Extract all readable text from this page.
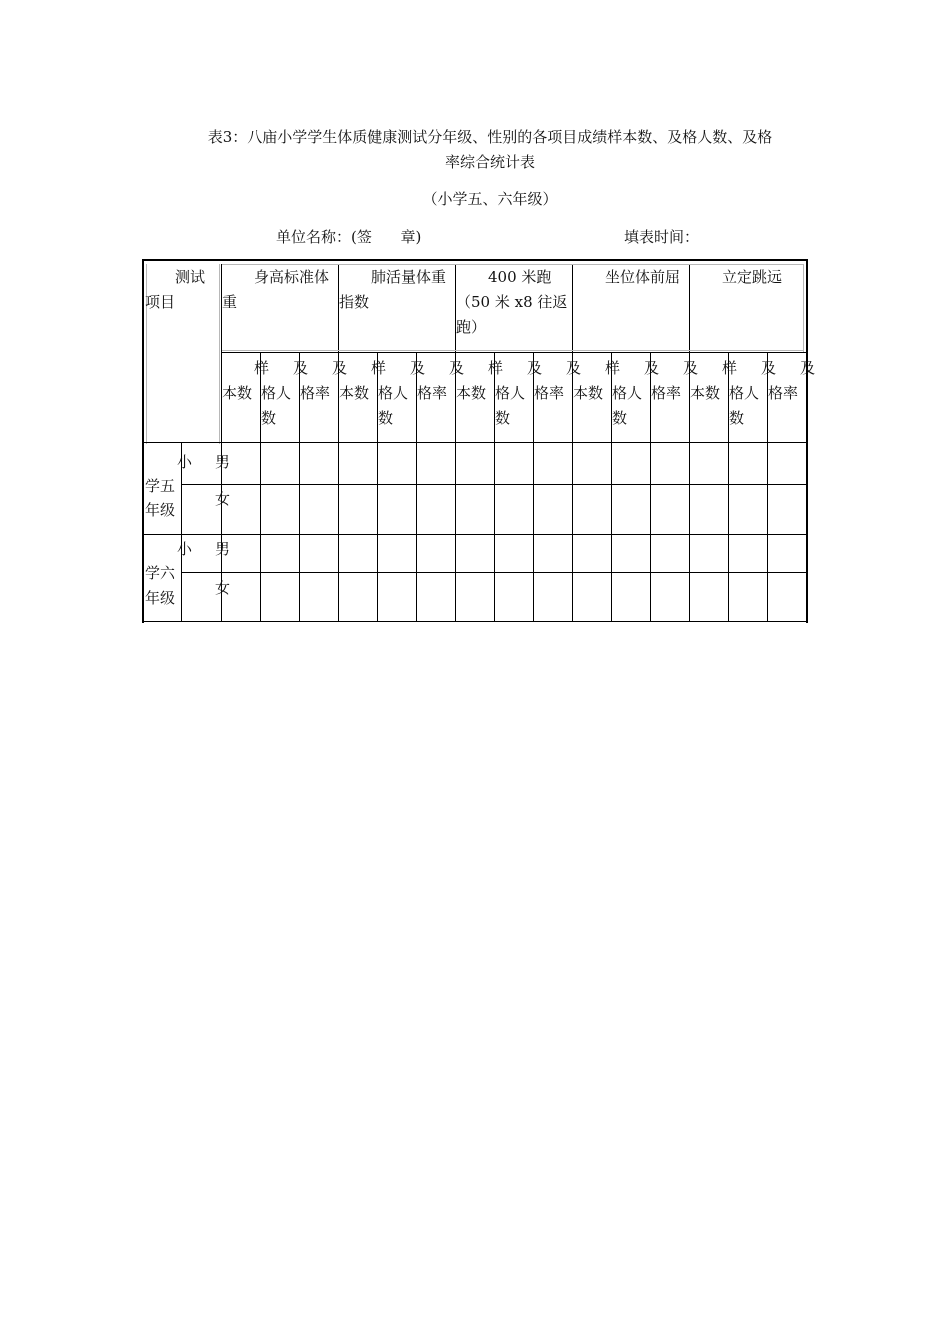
表3：八庙小学学生体质健康测试分年级、性别的各项目成绩样本数、及格人数、及格
率综合统计表
（小学五、六年级）
单位名称：(签      章)	填表时间：
测试
项目
身高标准体
重
肺活量体重
指数
400 米跑
（50 米 x8 往返
跑）
坐位体前屈	立定跳远
样
本数
及
格人
数
及
格率
样
本数
及
格人
数
及
格率
样
本数
及
格人
数
及
格率
样
本数
及
格人
数
及
格率
样
本数
及
格人
数
及
格率
小
学五
年级
男
女
小
学六
年级
男
女
